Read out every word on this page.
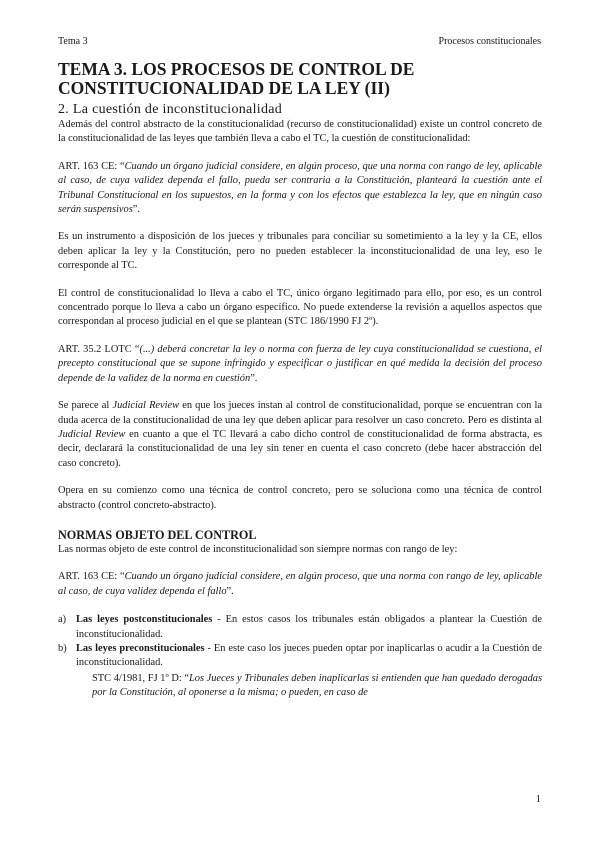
Tema 3	Procesos constitucionales
TEMA 3. LOS PROCESOS DE CONTROL DE CONSTITUCIONALIDAD DE LA LEY (II)
2. La cuestión de inconstitucionalidad

Además del control abstracto de la constitucionalidad (recurso de constitucionalidad) existe un control concreto de la constitucionalidad de las leyes que también lleva a cabo el TC, la cuestión de constitucionalidad:

ART. 163 CE: “Cuando un órgano judicial considere, en algún proceso, que una norma con rango de ley, aplicable al caso, de cuya validez dependa el fallo, pueda ser contraria a la Constitución, planteará la cuestión ante el Tribunal Constitucional en los supuestos, en la forma y con los efectos que establezca la ley, que en ningún caso serán suspensivos”.

Es un instrumento a disposición de los jueces y tribunales para conciliar su sometimiento a la ley y la CE, ellos deben aplicar la ley y la Constitución, pero no pueden establecer la inconstitucionalidad de una ley, eso le corresponde al TC.

El control de constitucionalidad lo lleva a cabo el TC, único órgano legitimado para ello, por eso, es un control concentrado porque lo lleva a cabo un órgano específico. No puede extenderse la revisión a aquellos aspectos que correspondan al proceso judicial en el que se plantean (STC 186/1990 FJ 2º).

ART. 35.2 LOTC “(...) deberá concretar la ley o norma con fuerza de ley cuya constitucionalidad se cuestiona, el precepto constitucional que se supone infringido y especificar o justificar en qué medida la decisión del proceso depende de la validez de la norma en cuestión”.

Se parece al Judicial Review en que los jueces instan al control de constitucionalidad, porque se encuentran con la duda acerca de la constitucionalidad de una ley que deben aplicar para resolver un caso concreto. Pero es distinta al Judicial Review en cuanto a que el TC llevará a cabo dicho control de constitucionalidad de forma abstracta, es decir, declarará la constitucionalidad de una ley sin tener en cuenta el caso concreto (debe hacer abstracción del caso concreto).

Opera en su comienzo como una técnica de control concreto, pero se soluciona como una técnica de control abstracto (control concreto-abstracto).

NORMAS OBJETO DEL CONTROL

Las normas objeto de este control de inconstitucionalidad son siempre normas con rango de ley:

ART. 163 CE: “Cuando un órgano judicial considere, en algún proceso, que una norma con rango de ley, aplicable al caso, de cuya validez dependa el fallo”.

a) Las leyes postconstitucionales - En estos casos los tribunales están obligados a plantear la Cuestión de inconstitucionalidad.
b) Las leyes preconstitucionales - En este caso los jueces pueden optar por inaplicarlas o acudir a la Cuestión de inconstitucionalidad.

STC 4/1981, FJ 1º D: “Los Jueces y Tribunales deben inaplicarlas si entienden que han quedado derogadas por la Constitución, al oponerse a la misma; o pueden, en caso de

1
